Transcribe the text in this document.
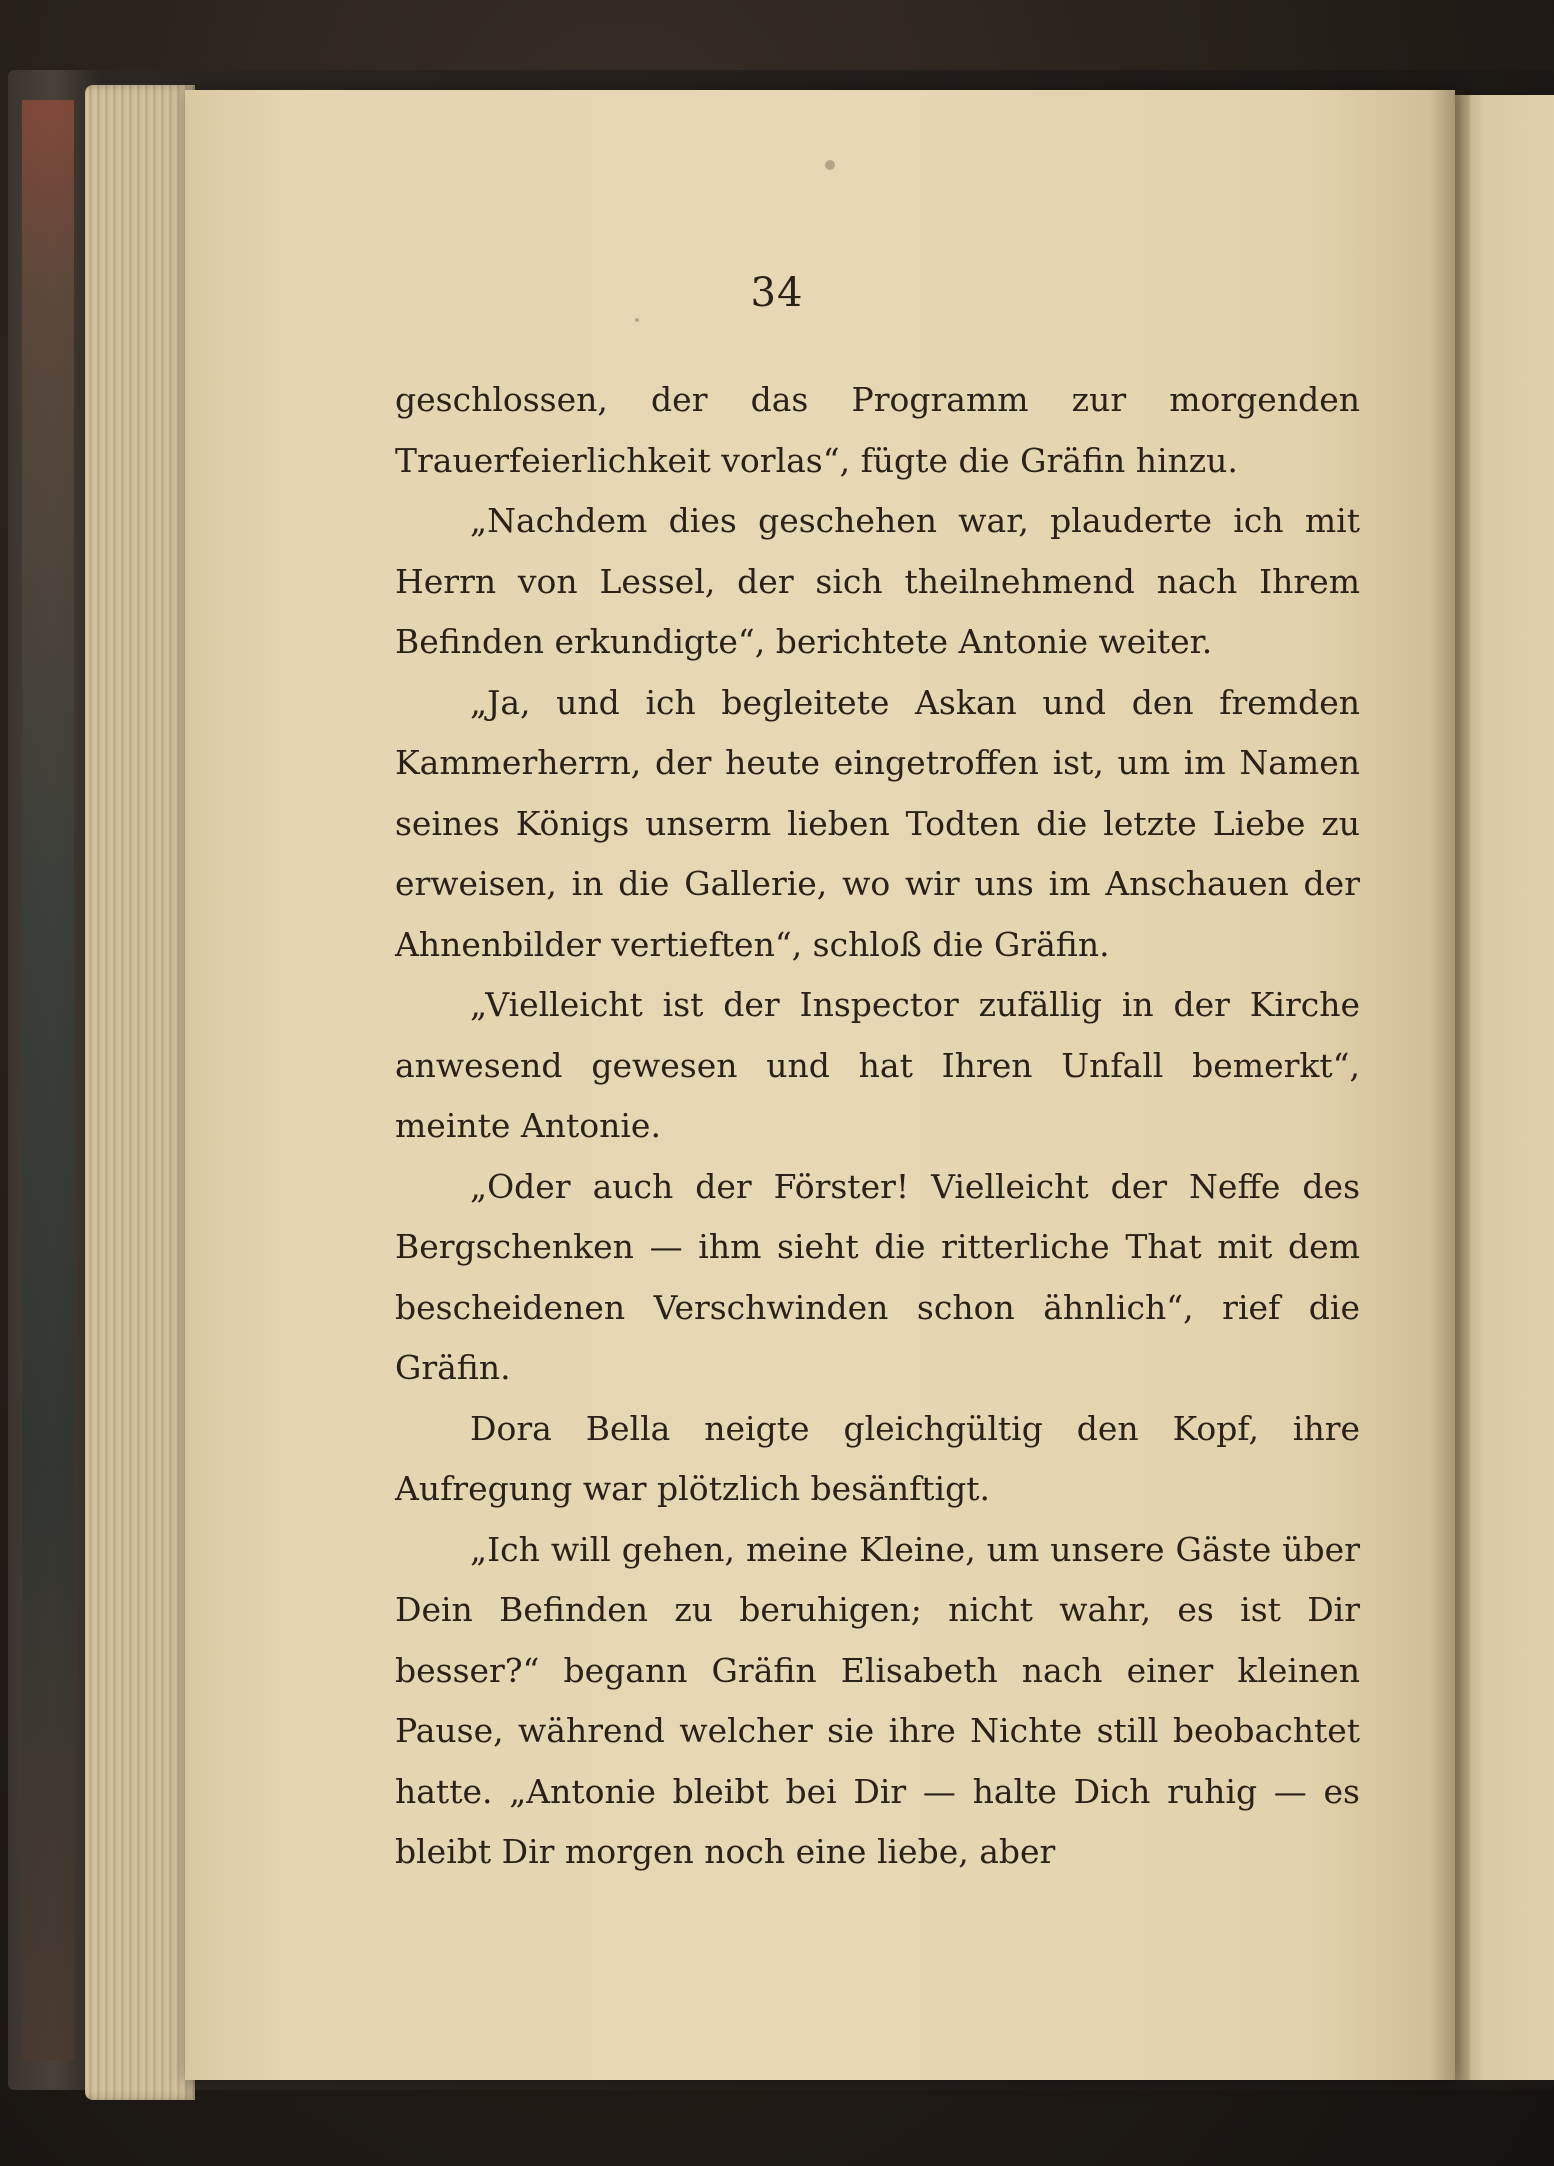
34

geschlossen, der das Programm zur morgenden Trauerfeierlichkeit vorlas“, fügte die Gräfin hinzu.

„Nachdem dies geschehen war, plauderte ich mit Herrn von Lessel, der sich theilnehmend nach Ihrem Befinden erkundigte“, berichtete Antonie weiter.

„Ja, und ich begleitete Askan und den fremden Kammerherrn, der heute eingetroffen ist, um im Namen seines Königs unserm lieben Todten die letzte Liebe zu erweisen, in die Gallerie, wo wir uns im Anschauen der Ahnenbilder vertieften“, schloß die Gräfin.

„Vielleicht ist der Inspector zufällig in der Kirche anwesend gewesen und hat Ihren Unfall bemerkt“, meinte Antonie.

„Oder auch der Förster! Vielleicht der Neffe des Bergschenken — ihm sieht die ritterliche That mit dem bescheidenen Verschwinden schon ähnlich“, rief die Gräfin.

Dora Bella neigte gleichgültig den Kopf, ihre Aufregung war plötzlich besänftigt.

„Ich will gehen, meine Kleine, um unsere Gäste über Dein Befinden zu beruhigen; nicht wahr, es ist Dir besser?“ begann Gräfin Elisabeth nach einer kleinen Pause, während welcher sie ihre Nichte still beobachtet hatte. „Antonie bleibt bei Dir — halte Dich ruhig — es bleibt Dir morgen noch eine liebe, aber
